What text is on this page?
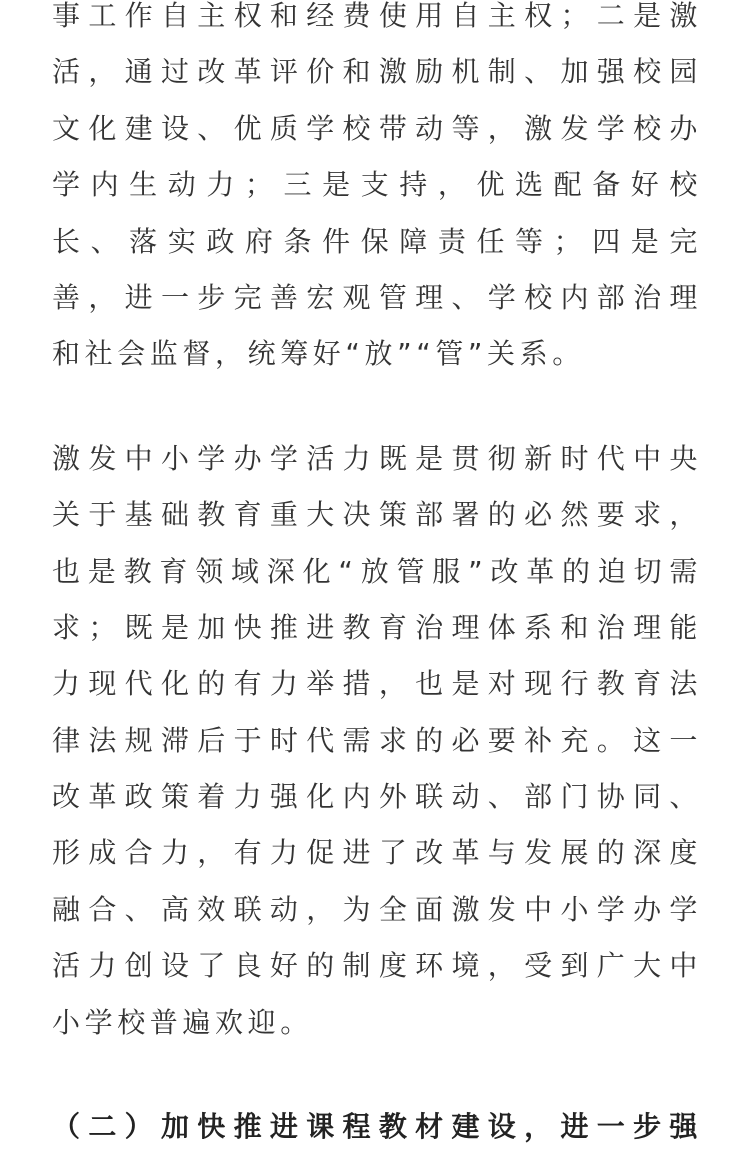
事工作自主权和经费使用自主权；二是激
活，通过改革评价和激励机制、加强校园
文化建设、优质学校带动等，激发学校办
学内生动力；三是支持，优选配备好校
长、落实政府条件保障责任等；四是完
善，进一步完善宏观管理、学校内部治理
和社会监督，统筹好“放”“管”关系。
激发中小学办学活力既是贯彻新时代中央
关于基础教育重大决策部署的必然要求，
也是教育领域深化“放管服”改革的迫切需
求；既是加快推进教育治理体系和治理能
力现代化的有力举措，也是对现行教育法
律法规滞后于时代需求的必要补充。这一
改革政策着力强化内外联动、部门协同、
形成合力，有力促进了改革与发展的深度
融合、高效联动，为全面激发中小学办学
活力创设了良好的制度环境，受到广大中
小学校普遍欢迎。
（二）加快推进课程教材建设，进一步强
